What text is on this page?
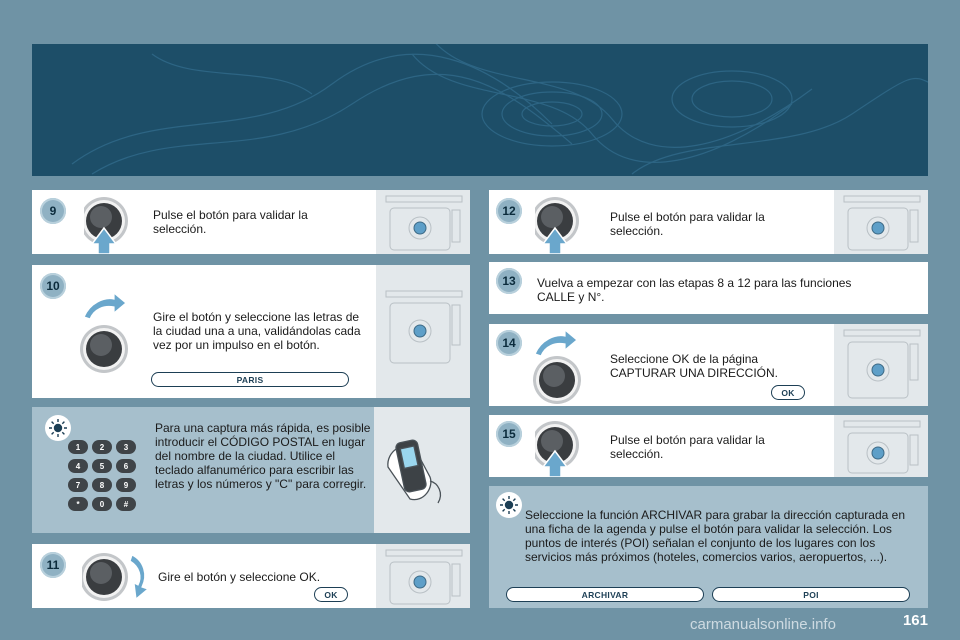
9	Pulse el botón para validar la selección.
10
Gire el botón y seleccione las letras de la ciudad una a una, validándolas cada vez por un impulso en el botón.
PARIS
1	2	3
4	5	6
7	8	9
*	0	#
Para una captura más rápida, es posible introducir el CÓDIGO POSTAL en lugar del nombre de la ciudad. Utilice el teclado alfanumérico para escribir las letras y los números y "C" para corregir.
11
Gire el botón y seleccione OK.
OK
12	Pulse el botón para validar la selección.
13	Vuelva a empezar con las etapas 8 a 12 para las funciones CALLE y N°.
14
Seleccione OK de la página CAPTURAR UNA DIRECCIÓN.
OK
15	Pulse el botón para validar la selección.
Seleccione la función ARCHIVAR para grabar la dirección capturada en una ficha de la agenda y pulse el botón para validar la selección. Los puntos de interés (POI) señalan el conjunto de los lugares con los servicios más próximos (hoteles, comercios varios, aeropuertos, ...).
ARCHIVAR	POI
161
carmanualsonline.info
